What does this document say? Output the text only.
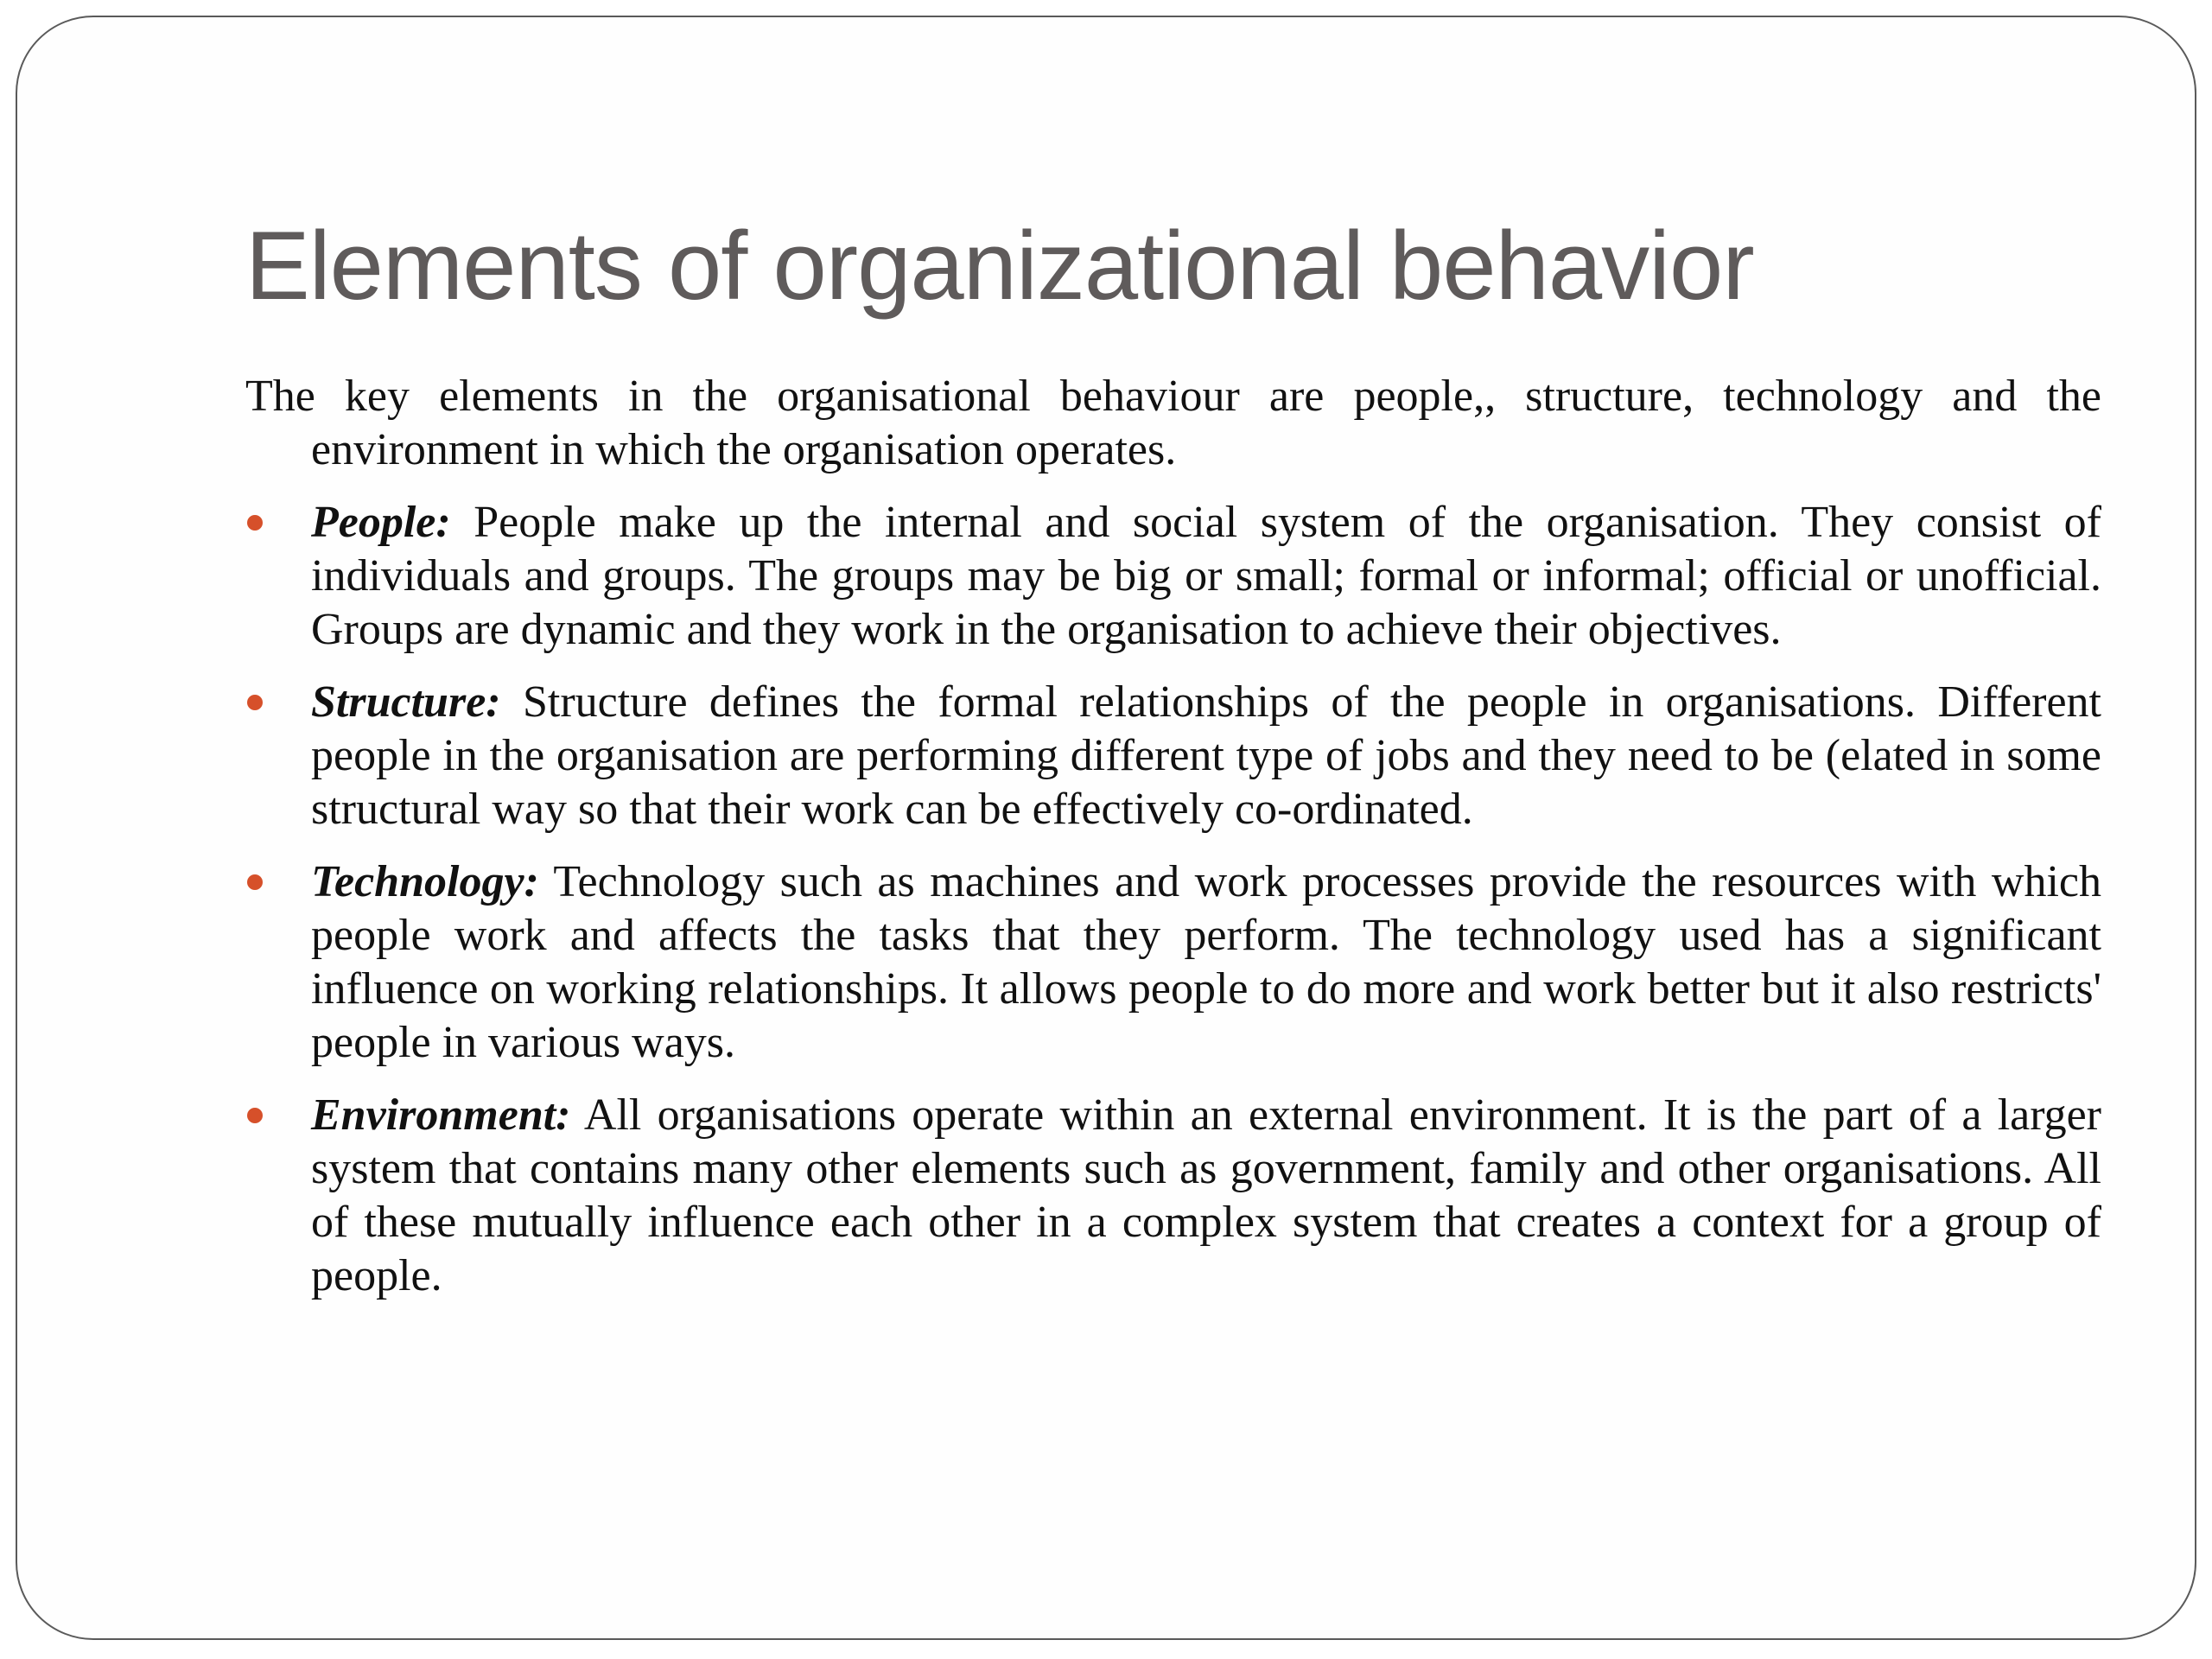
Elements of organizational behavior

The key elements in the organisational behaviour are people,, structure, technology and the environment in which the organisation operates.

People: People make up the internal and social system of the organisation. They consist of individuals and groups. The groups may be big or small; formal or informal; official or unofficial. Groups are dynamic and they work in the organisation to achieve their objectives.

Structure: Structure defines the formal relationships of the people in organisations. Different people in the organisation are performing different type of jobs and they need to be (elated in some structural way so that their work can be effectively co-ordinated.

Technology: Technology such as machines and work processes provide the resources with which people work and affects the tasks that they perform. The technology used has a significant influence on working relationships. It allows people to do more and work better but it also restricts' people in various ways.

Environment: All organisations operate within an external environment. It is the part of a larger system that contains many other elements such as government, family and other organisations. All of these mutually influence each other in a complex system that creates a context for a group of people.
